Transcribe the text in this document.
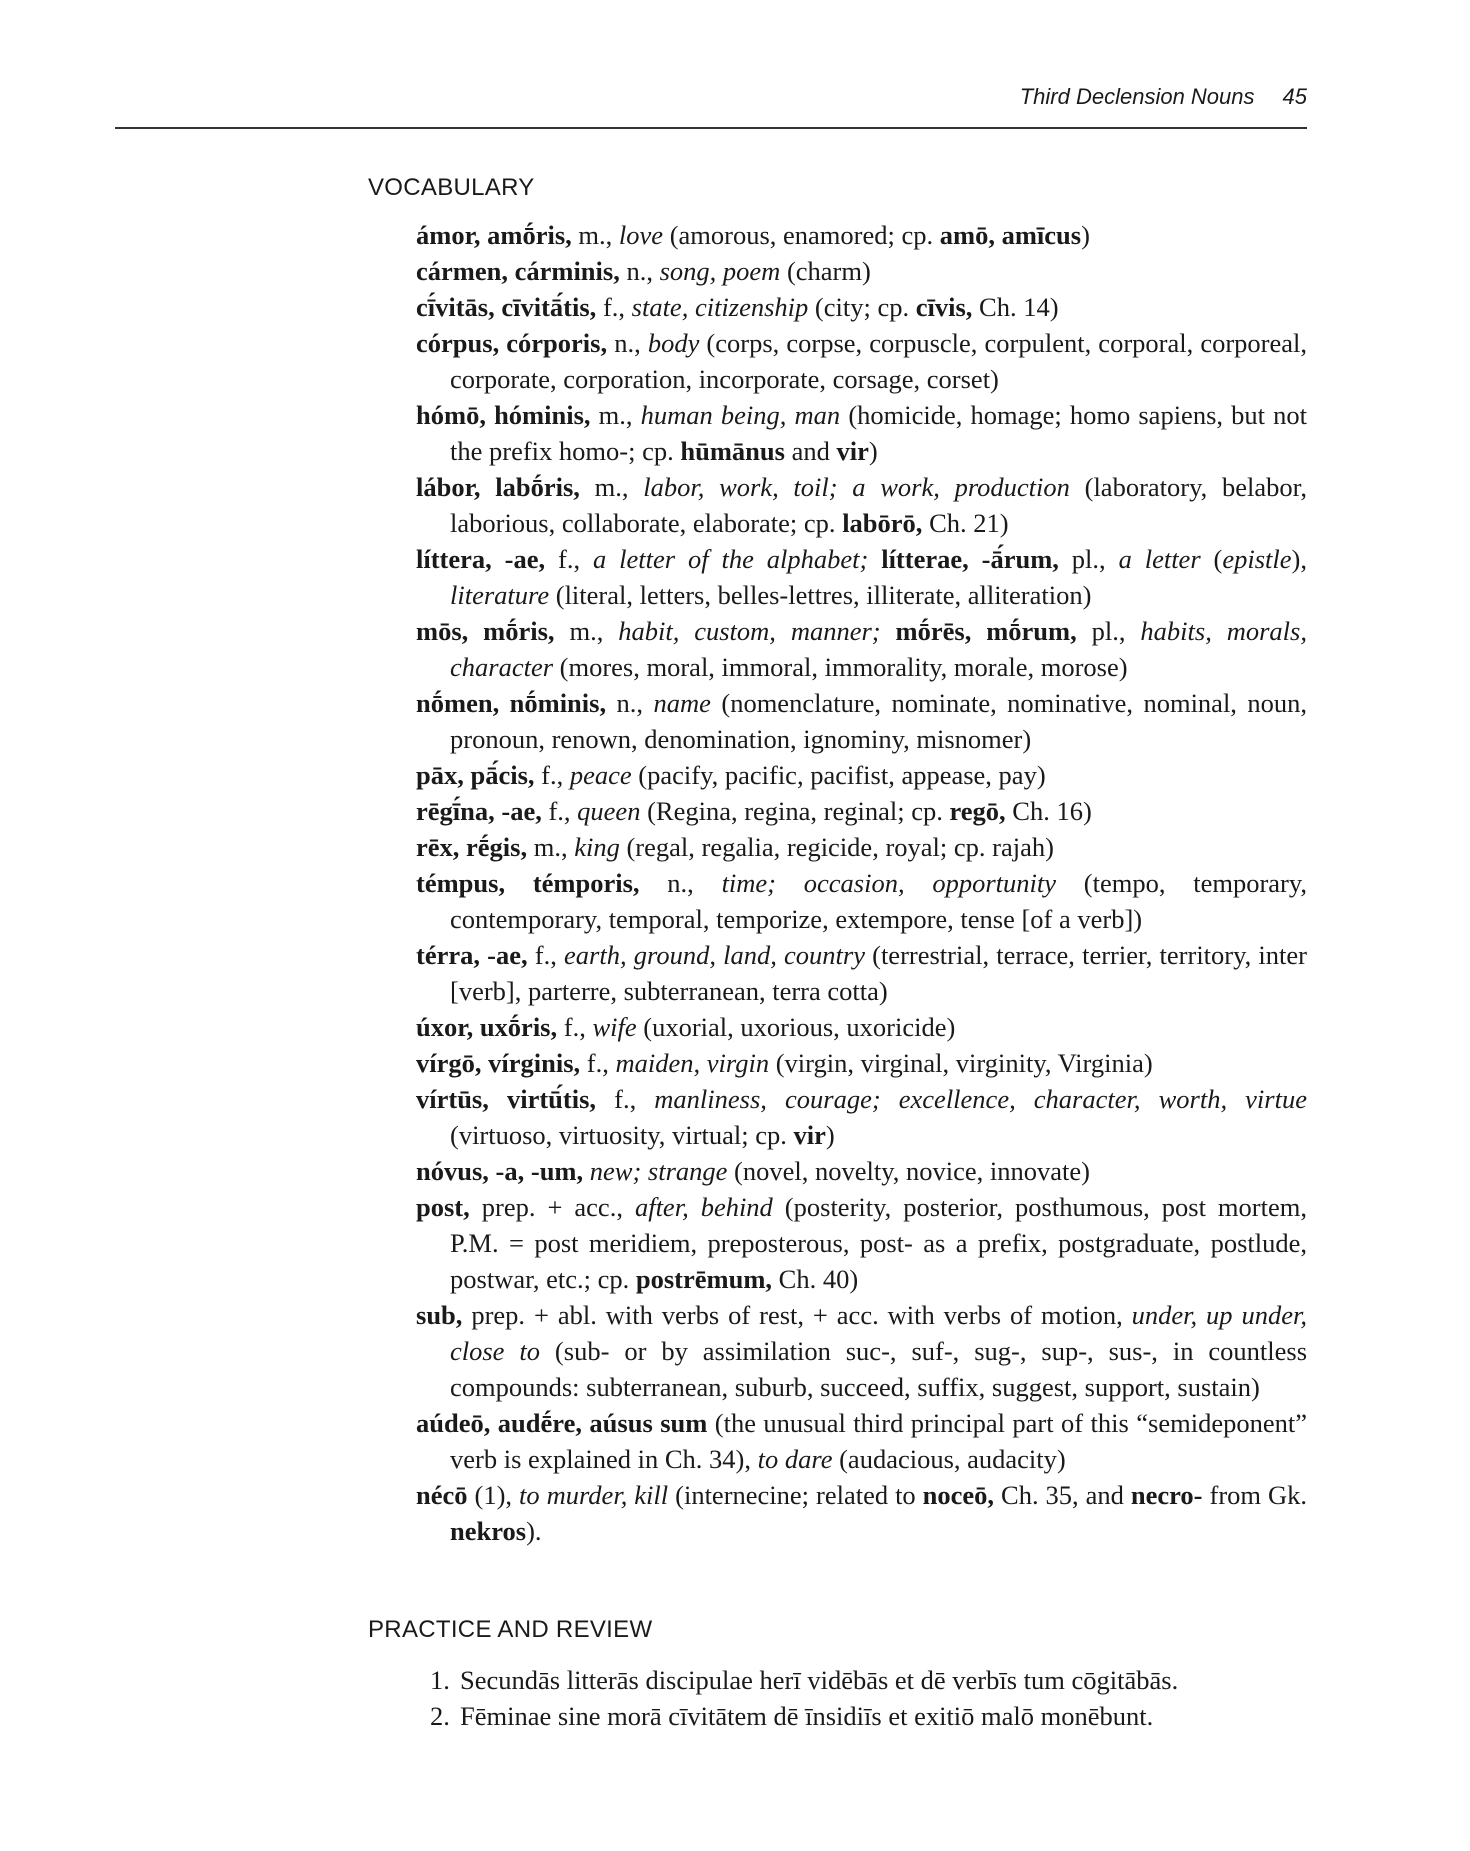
Third Declension Nouns 45
VOCABULARY
ámor, amṓris, m., love (amorous, enamored; cp. amō, amīcus)
cármen, cárminis, n., song, poem (charm)
cī́vitās, cīvitā́tis, f., state, citizenship (city; cp. cīvis, Ch. 14)
córpus, córporis, n., body (corps, corpse, corpuscle, corpulent, corporal, corporeal, corporate, corporation, incorporate, corsage, corset)
hómō, hóminis, m., human being, man (homicide, homage; homo sapiens, but not the prefix homo-; cp. hūmānus and vir)
lábor, labṓris, m., labor, work, toil; a work, production (laboratory, belabor, laborious, collaborate, elaborate; cp. labōrō, Ch. 21)
líttera, -ae, f., a letter of the alphabet; lítterae, -ā́rum, pl., a letter (epistle), literature (literal, letters, belles-lettres, illiterate, alliteration)
mōs, mṓris, m., habit, custom, manner; mṓrēs, mṓrum, pl., habits, morals, character (mores, moral, immoral, immorality, morale, morose)
nṓmen, nṓminis, n., name (nomenclature, nominate, nominative, nominal, noun, pronoun, renown, denomination, ignominy, misnomer)
pāx, pā́cis, f., peace (pacify, pacific, pacifist, appease, pay)
rēgī́na, -ae, f., queen (Regina, regina, reginal; cp. regō, Ch. 16)
rēx, rḗgis, m., king (regal, regalia, regicide, royal; cp. rajah)
témpus, témporis, n., time; occasion, opportunity (tempo, temporary, contemporary, temporal, temporize, extempore, tense [of a verb])
térra, -ae, f., earth, ground, land, country (terrestrial, terrace, terrier, territory, inter [verb], parterre, subterranean, terra cotta)
úxor, uxṓris, f., wife (uxorial, uxorious, uxoricide)
vírgō, vírginis, f., maiden, virgin (virgin, virginal, virginity, Virginia)
vírtūs, virtū́tis, f., manliness, courage; excellence, character, worth, virtue (virtuoso, virtuosity, virtual; cp. vir)
nóvus, -a, -um, new; strange (novel, novelty, novice, innovate)
post, prep. + acc., after, behind (posterity, posterior, posthumous, post mortem, P.M. = post meridiem, preposterous, post- as a prefix, postgraduate, postlude, postwar, etc.; cp. postrēmum, Ch. 40)
sub, prep. + abl. with verbs of rest, + acc. with verbs of motion, under, up under, close to (sub- or by assimilation suc-, suf-, sug-, sup-, sus-, in countless compounds: subterranean, suburb, succeed, suffix, suggest, support, sustain)
aúdeō, audḗre, aúsus sum (the unusual third principal part of this “semideponent” verb is explained in Ch. 34), to dare (audacious, audacity)
nécō (1), to murder, kill (internecine; related to noceō, Ch. 35, and necro- from Gk. nekros).
PRACTICE AND REVIEW
1. Secundās litterās discipulae herī vidēbās et dē verbīs tum cōgitābās.
2. Fēminae sine morā cīvitātem dē īnsidiīs et exitiō malō monēbunt.
